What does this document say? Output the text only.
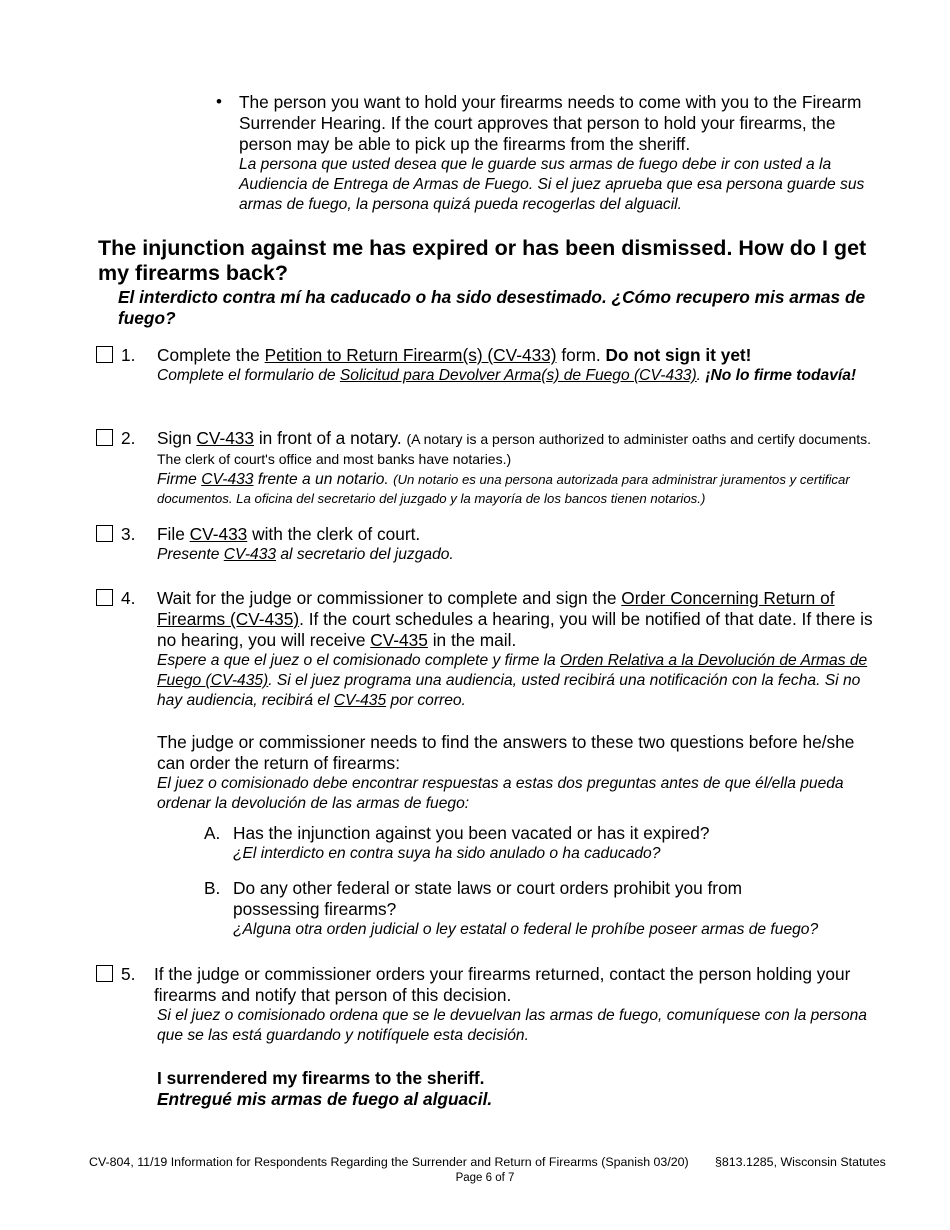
• The person you want to hold your firearms needs to come with you to the Firearm Surrender Hearing. If the court approves that person to hold your firearms, the person may be able to pick up the firearms from the sheriff.
La persona que usted desea que le guarde sus armas de fuego debe ir con usted a la Audiencia de Entrega de Armas de Fuego. Si el juez aprueba que esa persona guarde sus armas de fuego, la persona quizá pueda recogerlas del alguacil.
The injunction against me has expired or has been dismissed. How do I get my firearms back?
El interdicto contra mí ha caducado o ha sido desestimado. ¿Cómo recupero mis armas de fuego?
1. Complete the Petition to Return Firearm(s) (CV-433) form. Do not sign it yet!
Complete el formulario de Solicitud para Devolver Arma(s) de Fuego (CV-433). ¡No lo firme todavía!
2. Sign CV-433 in front of a notary. (A notary is a person authorized to administer oaths and certify documents. The clerk of court's office and most banks have notaries.)
Firme CV-433 frente a un notario. (Un notario es una persona autorizada para administrar juramentos y certificar documentos. La oficina del secretario del juzgado y la mayoría de los bancos tienen notarios.)
3. File CV-433 with the clerk of court.
Presente CV-433 al secretario del juzgado.
4. Wait for the judge or commissioner to complete and sign the Order Concerning Return of Firearms (CV-435). If the court schedules a hearing, you will be notified of that date. If there is no hearing, you will receive CV-435 in the mail.
Espere a que el juez o el comisionado complete y firme la Orden Relativa a la Devolución de Armas de Fuego (CV-435). Si el juez programa una audiencia, usted recibirá una notificación con la fecha. Si no hay audiencia, recibirá el CV-435 por correo.
The judge or commissioner needs to find the answers to these two questions before he/she can order the return of firearms:
El juez o comisionado debe encontrar respuestas a estas dos preguntas antes de que él/ella pueda ordenar la devolución de las armas de fuego:
A. Has the injunction against you been vacated or has it expired?
¿El interdicto en contra suya ha sido anulado o ha caducado?
B. Do any other federal or state laws or court orders prohibit you from possessing firearms?
¿Alguna otra orden judicial o ley estatal o federal le prohíbe poseer armas de fuego?
5. If the judge or commissioner orders your firearms returned, contact the person holding your firearms and notify that person of this decision.
Si el juez o comisionado ordena que se le devuelvan las armas de fuego, comuníquese con la persona que se las está guardando y notifíquele esta decisión.
I surrendered my firearms to the sheriff.
Entregué mis armas de fuego al alguacil.
CV-804, 11/19 Information for Respondents Regarding the Surrender and Return of Firearms (Spanish 03/20) §813.1285, Wisconsin Statutes
Page 6 of 7
